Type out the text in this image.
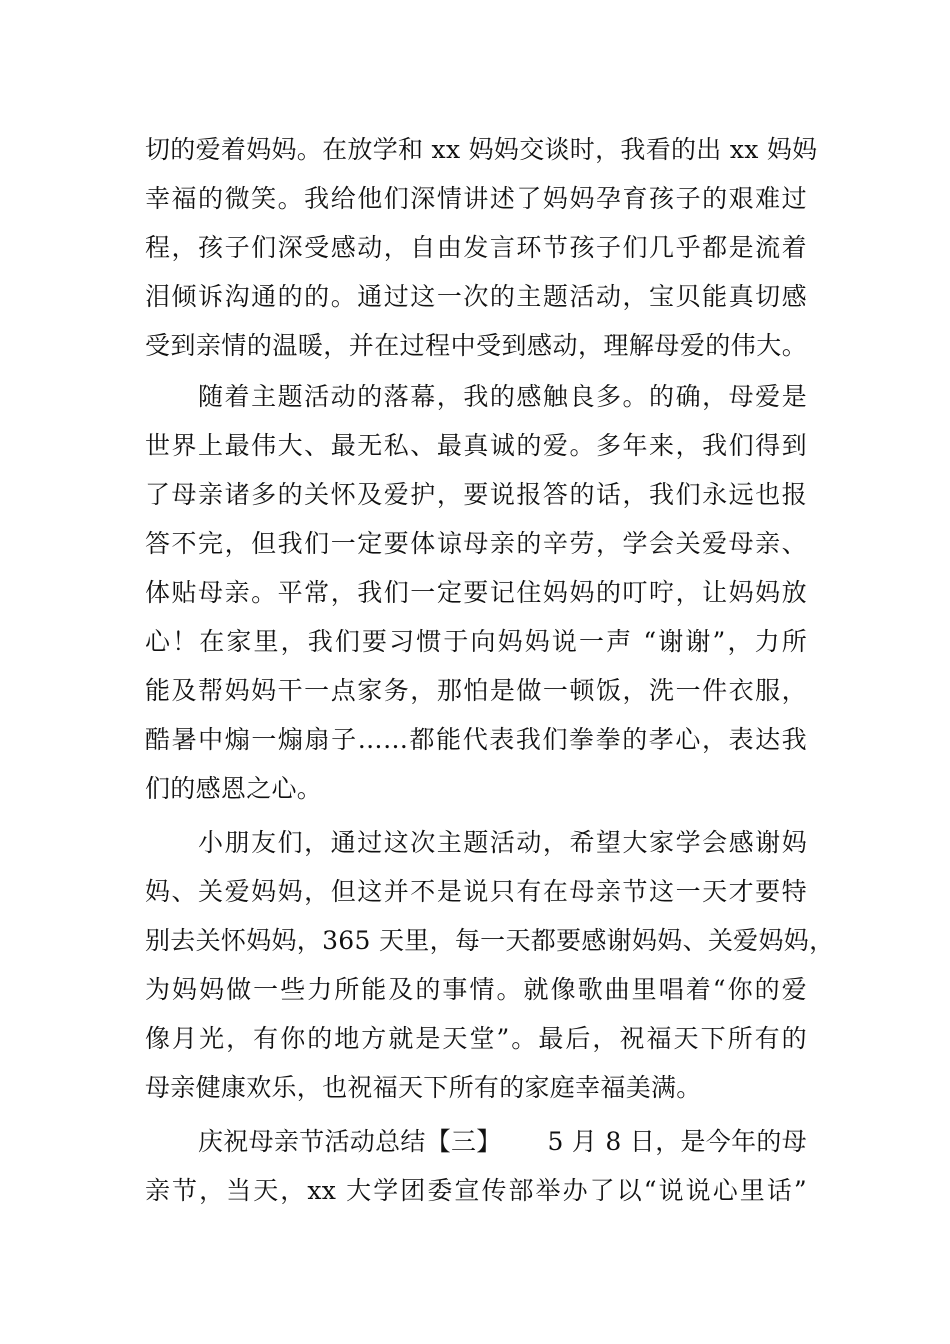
切的爱着妈妈。在放学和 xx 妈妈交谈时，我看的出 xx 妈妈
幸福的微笑。我给他们深情讲述了妈妈孕育孩子的艰难过
程，孩子们深受感动，自由发言环节孩子们几乎都是流着
泪倾诉沟通的的。通过这一次的主题活动，宝贝能真切感
受到亲情的温暖，并在过程中受到感动，理解母爱的伟大。
随着主题活动的落幕，我的感触良多。的确，母爱是
世界上最伟大、最无私、最真诚的爱。多年来，我们得到
了母亲诸多的关怀及爱护，要说报答的话，我们永远也报
答不完，但我们一定要体谅母亲的辛劳，学会关爱母亲、
体贴母亲。平常，我们一定要记住妈妈的叮咛，让妈妈放
心！在家里，我们要习惯于向妈妈说一声 “谢谢”，力所
能及帮妈妈干一点家务，那怕是做一顿饭，洗一件衣服，
酷暑中煽一煽扇子……都能代表我们拳拳的孝心，表达我
们的感恩之心。
小朋友们，通过这次主题活动，希望大家学会感谢妈
妈、关爱妈妈，但这并不是说只有在母亲节这一天才要特
别去关怀妈妈，365 天里，每一天都要感谢妈妈、关爱妈妈，
为妈妈做一些力所能及的事情。就像歌曲里唱着“你的爱
像月光，有你的地方就是天堂”。最后，祝福天下所有的
母亲健康欢乐，也祝福天下所有的家庭幸福美满。
庆祝母亲节活动总结【三】 5 月 8 日，是今年的母
亲节，当天，xx 大学团委宣传部举办了以“说说心里话”
